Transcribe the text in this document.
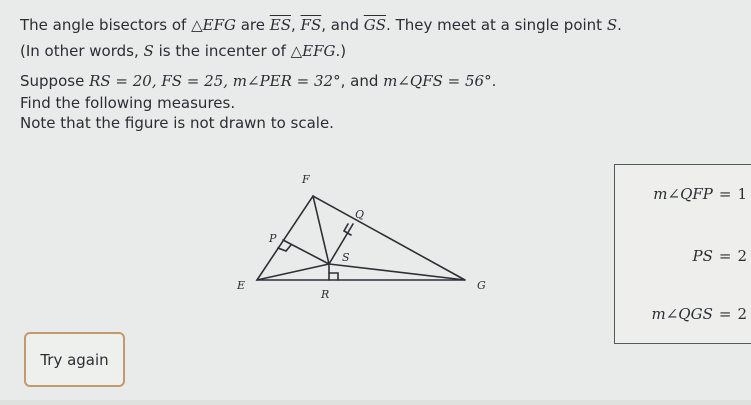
The angle bisectors of △EFG are $\overline{ES}$, $\overline{FS}$, and $\overline{GS}$. They meet at a single point S.
(In other words, S is the incenter of △EFG.)
Suppose RS = 20, FS = 25, m∠PER = 32°, and m∠QFS = 56°.
Find the following measures.
Note that the figure is not drawn to scale.
F
Q
P
S
E
R
G
m∠QFP = 1
PS = 2
m∠QGS = 2
Try again
